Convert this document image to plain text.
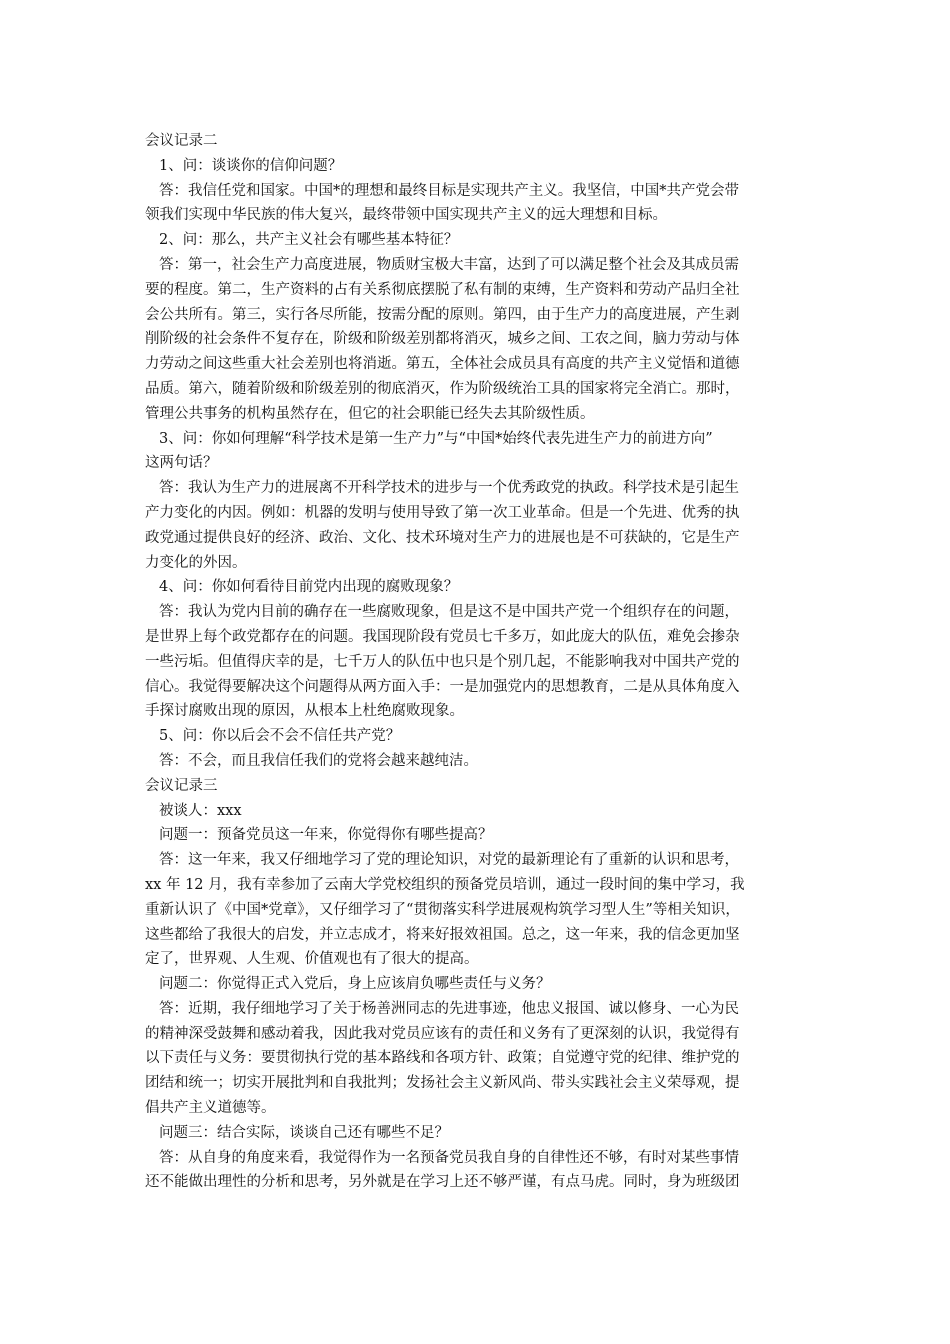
会议记录二
1、问：谈谈你的信仰问题？
答：我信任党和国家。中国*的理想和最终目标是实现共产主义。我坚信，中国*共产党会带
领我们实现中华民族的伟大复兴，最终带领中国实现共产主义的远大理想和目标。
2、问：那么，共产主义社会有哪些基本特征？
答：第一，社会生产力高度进展，物质财宝极大丰富，达到了可以满足整个社会及其成员需
要的程度。第二，生产资料的占有关系彻底摆脱了私有制的束缚，生产资料和劳动产品归全社
会公共所有。第三，实行各尽所能，按需分配的原则。第四，由于生产力的高度进展，产生剥
削阶级的社会条件不复存在，阶级和阶级差别都将消灭，城乡之间、工农之间，脑力劳动与体
力劳动之间这些重大社会差别也将消逝。第五，全体社会成员具有高度的共产主义觉悟和道德
品质。第六，随着阶级和阶级差别的彻底消灭，作为阶级统治工具的国家将完全消亡。那时，
管理公共事务的机构虽然存在，但它的社会职能已经失去其阶级性质。
3、问：你如何理解“科学技术是第一生产力”与“中国*始终代表先进生产力的前进方向”
这两句话？
答：我认为生产力的进展离不开科学技术的进步与一个优秀政党的执政。科学技术是引起生
产力变化的内因。例如：机器的发明与使用导致了第一次工业革命。但是一个先进、优秀的执
政党通过提供良好的经济、政治、文化、技术环境对生产力的进展也是不可获缺的，它是生产
力变化的外因。
4、问：你如何看待目前党内出现的腐败现象？
答：我认为党内目前的确存在一些腐败现象，但是这不是中国共产党一个组织存在的问题，
是世界上每个政党都存在的问题。我国现阶段有党员七千多万，如此庞大的队伍，难免会掺杂
一些污垢。但值得庆幸的是，七千万人的队伍中也只是个别几起，不能影响我对中国共产党的
信心。我觉得要解决这个问题得从两方面入手：一是加强党内的思想教育，二是从具体角度入
手探讨腐败出现的原因，从根本上杜绝腐败现象。
5、问：你以后会不会不信任共产党？
答：不会，而且我信任我们的党将会越来越纯洁。
会议记录三
被谈人：xxx
问题一：预备党员这一年来，你觉得你有哪些提高？
答：这一年来，我又仔细地学习了党的理论知识，对党的最新理论有了重新的认识和思考，
xx 年 12 月，我有幸参加了云南大学党校组织的预备党员培训，通过一段时间的集中学习，我
重新认识了《中国*党章》，又仔细学习了“贯彻落实科学进展观构筑学习型人生”等相关知识，
这些都给了我很大的启发，并立志成才，将来好报效祖国。总之，这一年来，我的信念更加坚
定了，世界观、人生观、价值观也有了很大的提高。
问题二：你觉得正式入党后，身上应该肩负哪些责任与义务？
答：近期，我仔细地学习了关于杨善洲同志的先进事迹，他忠义报国、诚以修身、一心为民
的精神深受鼓舞和感动着我，因此我对党员应该有的责任和义务有了更深刻的认识，我觉得有
以下责任与义务：要贯彻执行党的基本路线和各项方针、政策；自觉遵守党的纪律、维护党的
团结和统一；切实开展批判和自我批判；发扬社会主义新风尚、带头实践社会主义荣辱观，提
倡共产主义道德等。
问题三：结合实际，谈谈自己还有哪些不足？
答：从自身的角度来看，我觉得作为一名预备党员我自身的自律性还不够，有时对某些事情
还不能做出理性的分析和思考，另外就是在学习上还不够严谨，有点马虎。同时，身为班级团
